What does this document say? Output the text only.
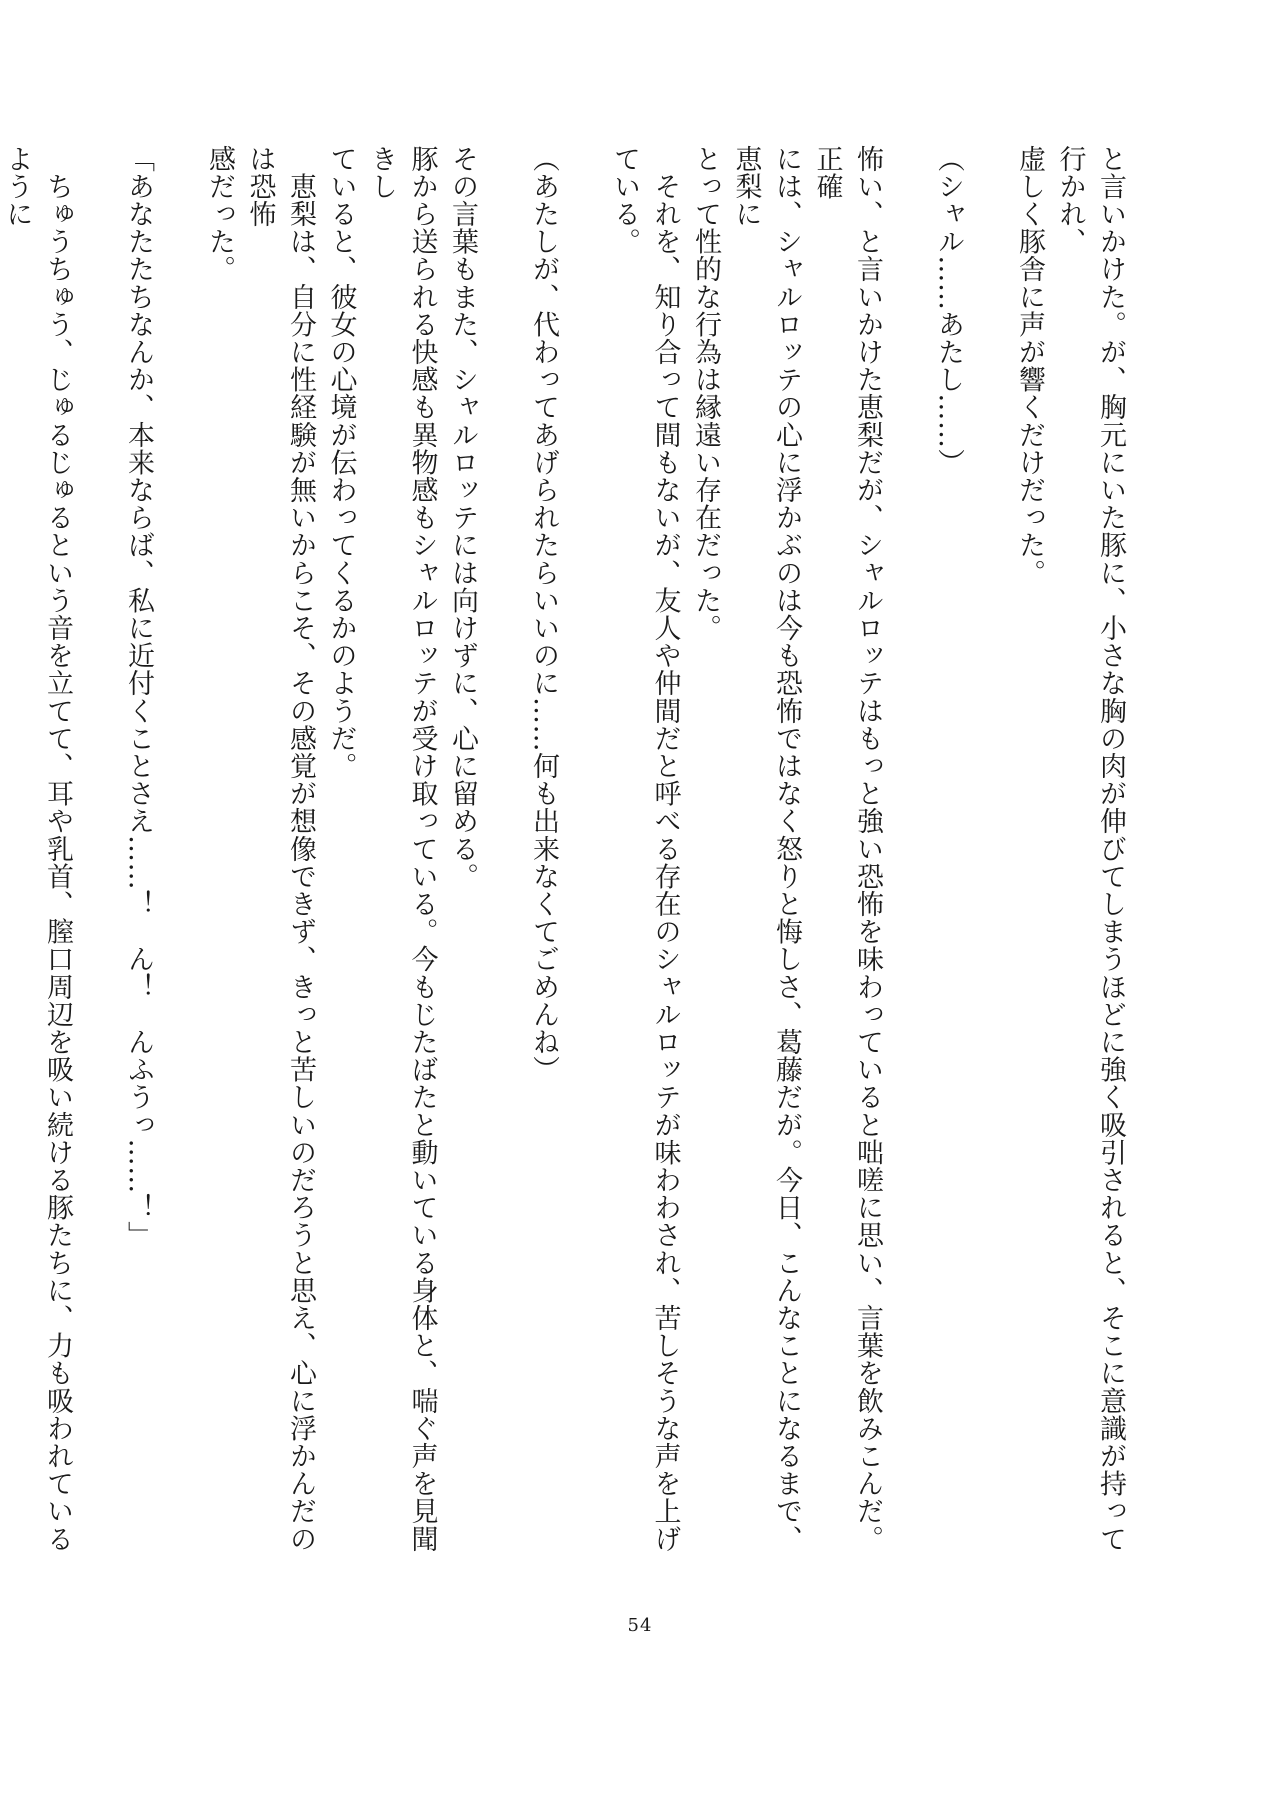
と言いかけた。が、胸元にいた豚に、小さな胸の肉が伸びてしまうほどに強く吸引されると、そこに意識が持って行かれ、

虚しく豚舎に声が響くだけだった。

（シャル……あたし……）

怖い、と言いかけた恵梨だが、シャルロッテはもっと強い恐怖を味わっていると咄嗟に思い、言葉を飲みこんだ。正確

には、シャルロッテの心に浮かぶのは今も恐怖ではなく怒りと悔しさ、葛藤だが。今日、こんなことになるまで、恵梨に

とって性的な行為は縁遠い存在だった。

　それを、知り合って間もないが、友人や仲間だと呼べる存在のシャルロッテが味わわされ、苦しそうな声を上げている。

（あたしが、代わってあげられたらいいのに……何も出来なくてごめんね）

その言葉もまた、シャルロッテには向けずに、心に留める。

豚から送られる快感も異物感もシャルロッテが受け取っている。今もじたばたと動いている身体と、喘ぐ声を見聞きし

ていると、彼女の心境が伝わってくるかのようだ。

　恵梨は、自分に性経験が無いからこそ、その感覚が想像できず、きっと苦しいのだろうと思え、心に浮かんだのは恐怖

感だった。

「あなたたちなんか、本来ならば、私に近付くことさえ……！　ん！　んふうっ……！」

　ちゅうちゅう、じゅるじゅるという音を立てて、耳や乳首、膣口周辺を吸い続ける豚たちに、力も吸われているように

54
